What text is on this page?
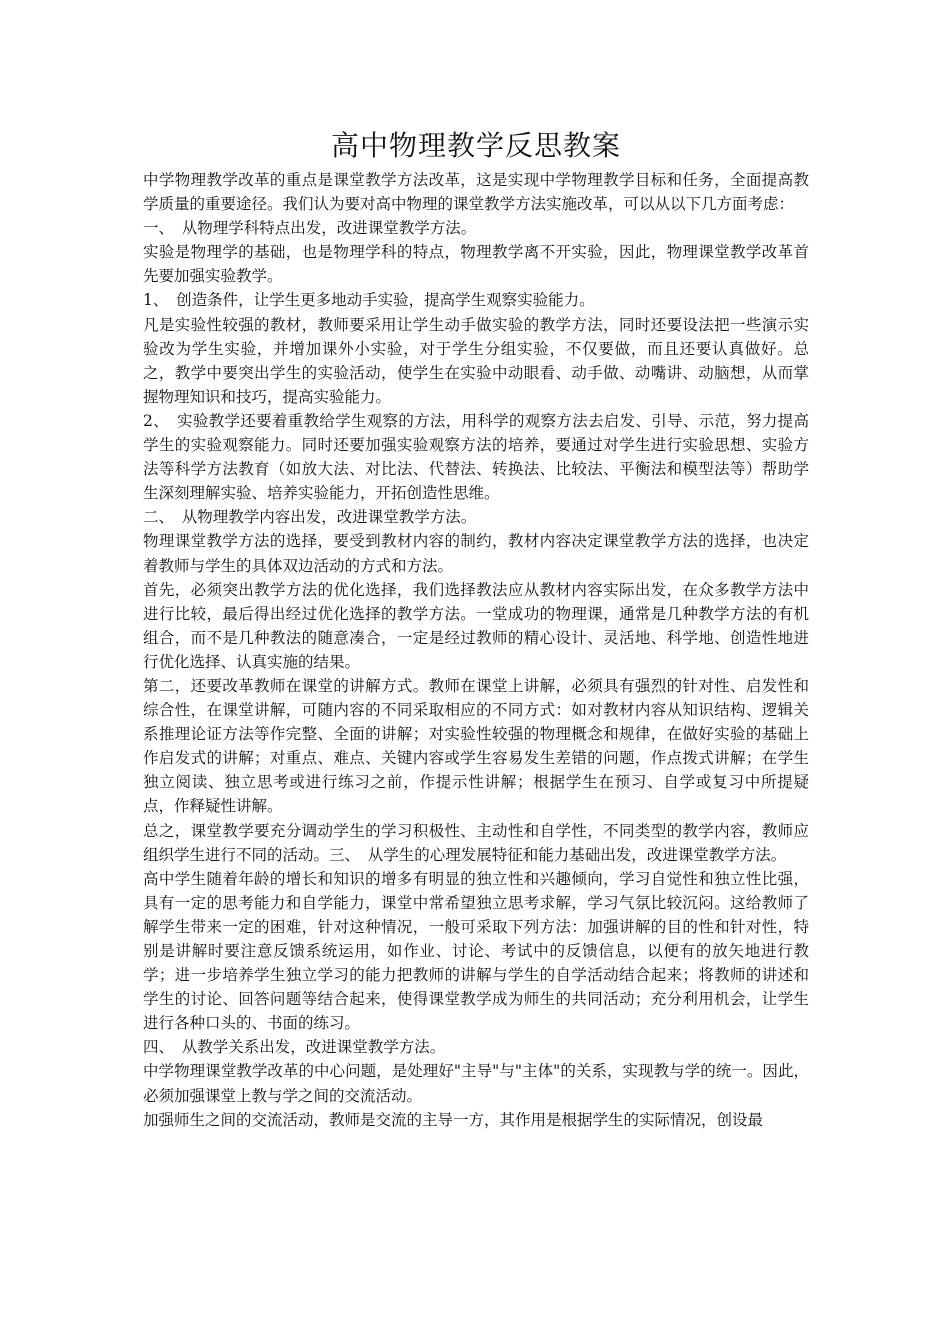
高中物理教学反思教案

中学物理教学改革的重点是课堂教学方法改革，这是实现中学物理教学目标和任务，全面提高教学质量的重要途径。我们认为要对高中物理的课堂教学方法实施改革，可以从以下几方面考虑：

一、　从物理学科特点出发，改进课堂教学方法。

实验是物理学的基础，也是物理学科的特点，物理教学离不开实验，因此，物理课堂教学改革首先要加强实验教学。

1、　创造条件，让学生更多地动手实验，提高学生观察实验能力。

凡是实验性较强的教材，教师要采用让学生动手做实验的教学方法，同时还要设法把一些演示实验改为学生实验，并增加课外小实验，对于学生分组实验，不仅要做，而且还要认真做好。总之，教学中要突出学生的实验活动，使学生在实验中动眼看、动手做、动嘴讲、动脑想，从而掌握物理知识和技巧，提高实验能力。

2、　实验教学还要着重教给学生观察的方法，用科学的观察方法去启发、引导、示范，努力提高学生的实验观察能力。同时还要加强实验观察方法的培养，要通过对学生进行实验思想、实验方法等科学方法教育（如放大法、对比法、代替法、转换法、比较法、平衡法和模型法等）帮助学生深刻理解实验、培养实验能力，开拓创造性思维。

二、　从物理教学内容出发，改进课堂教学方法。

物理课堂教学方法的选择，要受到教材内容的制约，教材内容决定课堂教学方法的选择，也决定着教师与学生的具体双边活动的方式和方法。

首先，必须突出教学方法的优化选择，我们选择教法应从教材内容实际出发，在众多教学方法中进行比较，最后得出经过优化选择的教学方法。一堂成功的物理课，通常是几种教学方法的有机组合，而不是几种教法的随意凑合，一定是经过教师的精心设计、灵活地、科学地、创造性地进行优化选择、认真实施的结果。

第二，还要改革教师在课堂的讲解方式。教师在课堂上讲解，必须具有强烈的针对性、启发性和综合性，在课堂讲解，可随内容的不同采取相应的不同方式：如对教材内容从知识结构、逻辑关系推理论证方法等作完整、全面的讲解；对实验性较强的物理概念和规律，在做好实验的基础上作启发式的讲解；对重点、难点、关键内容或学生容易发生差错的问题，作点拨式讲解；在学生独立阅读、独立思考或进行练习之前，作提示性讲解；根据学生在预习、自学或复习中所提疑点，作释疑性讲解。

总之，课堂教学要充分调动学生的学习积极性、主动性和自学性，不同类型的教学内容，教师应组织学生进行不同的活动。三、　从学生的心理发展特征和能力基础出发，改进课堂教学方法。

高中学生随着年龄的增长和知识的增多有明显的独立性和兴趣倾向，学习自觉性和独立性比强，具有一定的思考能力和自学能力，课堂中常希望独立思考求解，学习气氛比较沉闷。这给教师了解学生带来一定的困难，针对这种情况，一般可采取下列方法：加强讲解的目的性和针对性，特别是讲解时要注意反馈系统运用，如作业、讨论、考试中的反馈信息，以便有的放矢地进行教学；进一步培养学生独立学习的能力把教师的讲解与学生的自学活动结合起来；将教师的讲述和学生的讨论、回答问题等结合起来，使得课堂教学成为师生的共同活动；充分利用机会，让学生进行各种口头的、书面的练习。

四、　从教学关系出发，改进课堂教学方法。

中学物理课堂教学改革的中心问题，是处理好"主导"与"主体"的关系，实现教与学的统一。因此，必须加强课堂上教与学之间的交流活动。

加强师生之间的交流活动，教师是交流的主导一方，其作用是根据学生的实际情况，创设最
